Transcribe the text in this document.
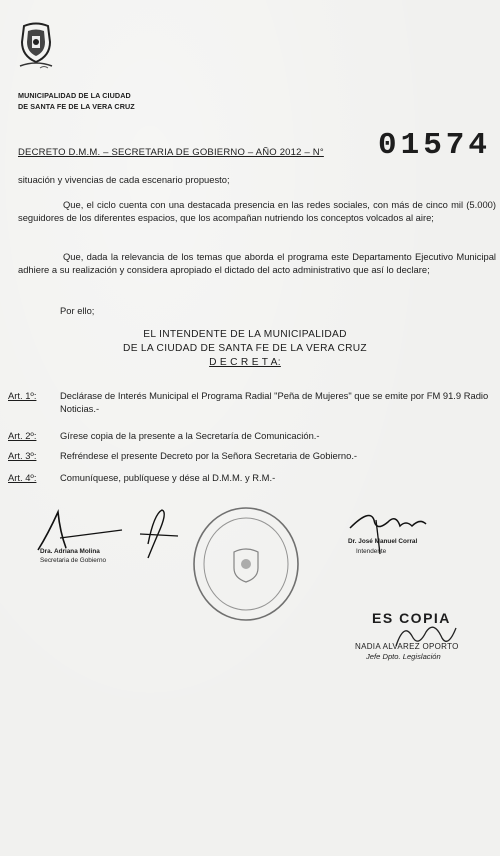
MUNICIPALIDAD DE LA CIUDAD
DE SANTA FE DE LA VERA CRUZ
DECRETO D.M.M. – SECRETARIA DE GOBIERNO – AÑO 2012 – N° 01574
situación y vivencias de cada escenario propuesto;
Que, el ciclo cuenta con una destacada presencia en las redes sociales, con más de cinco mil (5.000) seguidores de los diferentes espacios, que los acompañan nutriendo los conceptos volcados al aire;
Que, dada la relevancia de los temas que aborda el programa este Departamento Ejecutivo Municipal adhiere a su realización y considera apropiado el dictado del acto administrativo que así lo declare;
Por ello;
EL INTENDENTE DE LA MUNICIPALIDAD
DE LA CIUDAD DE SANTA FE DE LA VERA CRUZ
D E C R E T A:
Art. 1º:	Declárase de Interés Municipal el Programa Radial "Peña de Mujeres" que se emite por FM 91.9 Radio Noticias.-
Art. 2º:	Gírese copia de la presente a la Secretaría de Comunicación.-
Art. 3º:	Refréndese el presente Decreto por la Señora Secretaria de Gobierno.-
Art. 4º:	Comuníquese, publíquese y dése al D.M.M. y R.M.-
Dra. Adriana Molina
Secretaria de Gobierno
Dr. José Manuel Corral
Intendente
ES COPIA
NADIA ALVAREZ OPORTO
Jefe Dpto. Legislación
